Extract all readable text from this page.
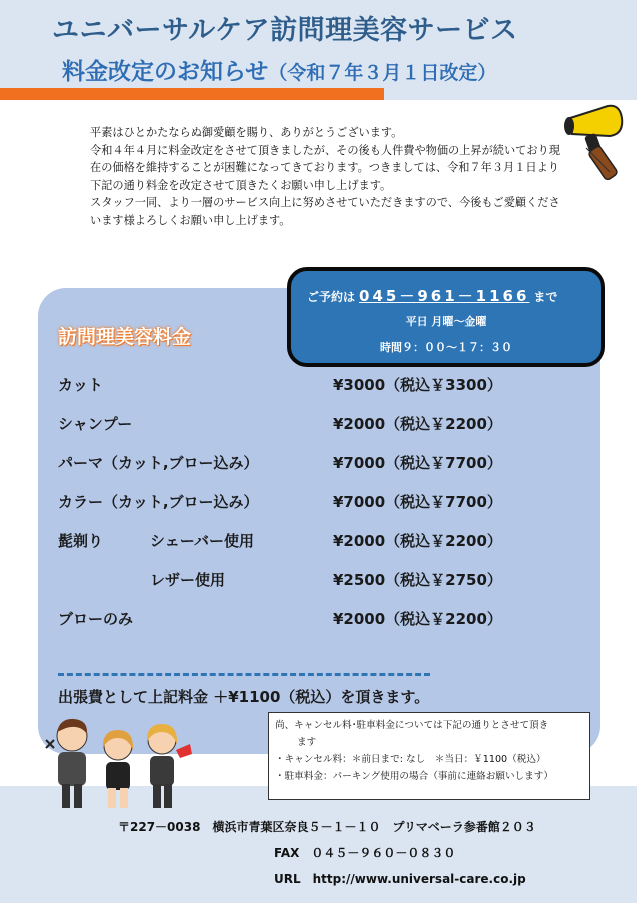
ユニバーサルケア訪問理美容サービス
料金改定のお知らせ（令和７年３月１日改定）

平素はひとかたならぬ御愛顧を賜り、ありがとうございます。

令和４年４月に料金改定をさせて頂きましたが、その後も人件費や物価の上昇が続いており現在の価格を維持することが困難になってきております。つきましては、令和７年３月１日より下記の通り料金を改定させて頂きたくお願い申し上げます。

スタッフ一同、より一層のサービス向上に努めさせていただきますので、今後もご愛顧くださいます様よろしくお願い申し上げます。

ご予約は 045－961－1166 まで
平日 月曜～金曜
時間９：００～１７：３０
訪問理美容料金
カット	¥3000（税込￥3300）
シャンプー	¥2000（税込￥2200）
パーマ（カット,ブロー込み）	¥7000（税込￥7700）
カラー（カット,ブロー込み）	¥7000（税込￥7700）
髭剃り	シェーバー使用	¥2000（税込￥2200）
レザー使用	¥2500（税込￥2750）
ブローのみ	¥2000（税込￥2200）
出張費として上記料金 ＋¥1100（税込）を頂きます。
尚、キャンセル料･駐車料金については下記の通りとさせて頂き
ます
・キャンセル料：＊前日まで: なし　＊当日：￥1100（税込）
・駐車料金：パーキング使用の場合（事前に連絡お願いします）
〒227－0038　横浜市青葉区奈良５－１－１０　プリマベーラ参番館２０３
FAX　０４５－９６０－０８３０
URL　http://www.universal-care.co.jp
